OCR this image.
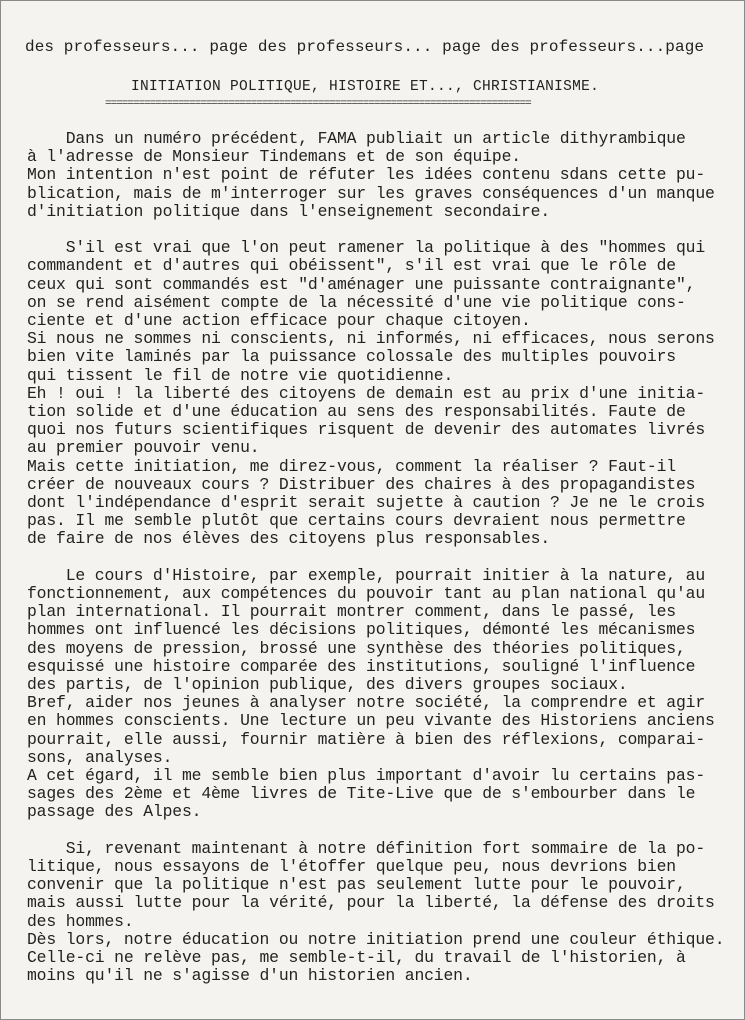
des professeurs... page des professeurs... page des professeurs...page
INITIATION POLITIQUE, HISTOIRE ET..., CHRISTIANISME.
============================================================================
Dans un numéro précédent, FAMA publiait un article dithyrambique
à l'adresse de Monsieur Tindemans et de son équipe.
Mon intention n'est point de réfuter les idées contenu sdans cette pu-
blication, mais de m'interroger sur les graves conséquences d'un manque
d'initiation politique dans l'enseignement secondaire.
S'il est vrai que l'on peut ramener la politique à des "hommes qui
commandent et d'autres qui obéissent", s'il est vrai que le rôle de
ceux qui sont commandés est "d'aménager une puissante contraignante",
on se rend aisément compte de la nécessité d'une vie politique cons-
ciente et d'une action efficace pour chaque citoyen.
Si nous ne sommes ni conscients, ni informés, ni efficaces, nous serons
bien vite laminés par la puissance colossale des multiples pouvoirs
qui tissent le fil de notre vie quotidienne.
Eh ! oui ! la liberté des citoyens de demain est au prix d'une initia-
tion solide et d'une éducation au sens des responsabilités. Faute de
quoi nos futurs scientifiques risquent de devenir des automates livrés
au premier pouvoir venu.
Mais cette initiation, me direz-vous, comment la réaliser ? Faut-il
créer de nouveaux cours ? Distribuer des chaires à des propagandistes
dont l'indépendance d'esprit serait sujette à caution ? Je ne le crois
pas. Il me semble plutôt que certains cours devraient nous permettre
de faire de nos élèves des citoyens plus responsables.
Le cours d'Histoire, par exemple, pourrait initier à la nature, au
fonctionnement, aux compétences du pouvoir tant au plan national qu'au
plan international. Il pourrait montrer comment, dans le passé, les
hommes ont influencé les décisions politiques, démonté les mécanismes
des moyens de pression, brossé une synthèse des théories politiques,
esquissé une histoire comparée des institutions, souligné l'influence
des partis, de l'opinion publique, des divers groupes sociaux.
Bref, aider nos jeunes à analyser notre société, la comprendre et agir
en hommes conscients. Une lecture un peu vivante des Historiens anciens
pourrait, elle aussi, fournir matière à bien des réflexions, comparai-
sons, analyses.
A cet égard, il me semble bien plus important d'avoir lu certains pas-
sages des 2ème et 4ème livres de Tite-Live que de s'embourber dans le
passage des Alpes.
Si, revenant maintenant à notre définition fort sommaire de la po-
litique, nous essayons de l'étoffer quelque peu, nous devrions bien
convenir que la politique n'est pas seulement lutte pour le pouvoir,
mais aussi lutte pour la vérité, pour la liberté, la défense des droits
des hommes.
Dès lors, notre éducation ou notre initiation prend une couleur éthique.
Celle-ci ne relève pas, me semble-t-il, du travail de l'historien, à
moins qu'il ne s'agisse d'un historien ancien.
